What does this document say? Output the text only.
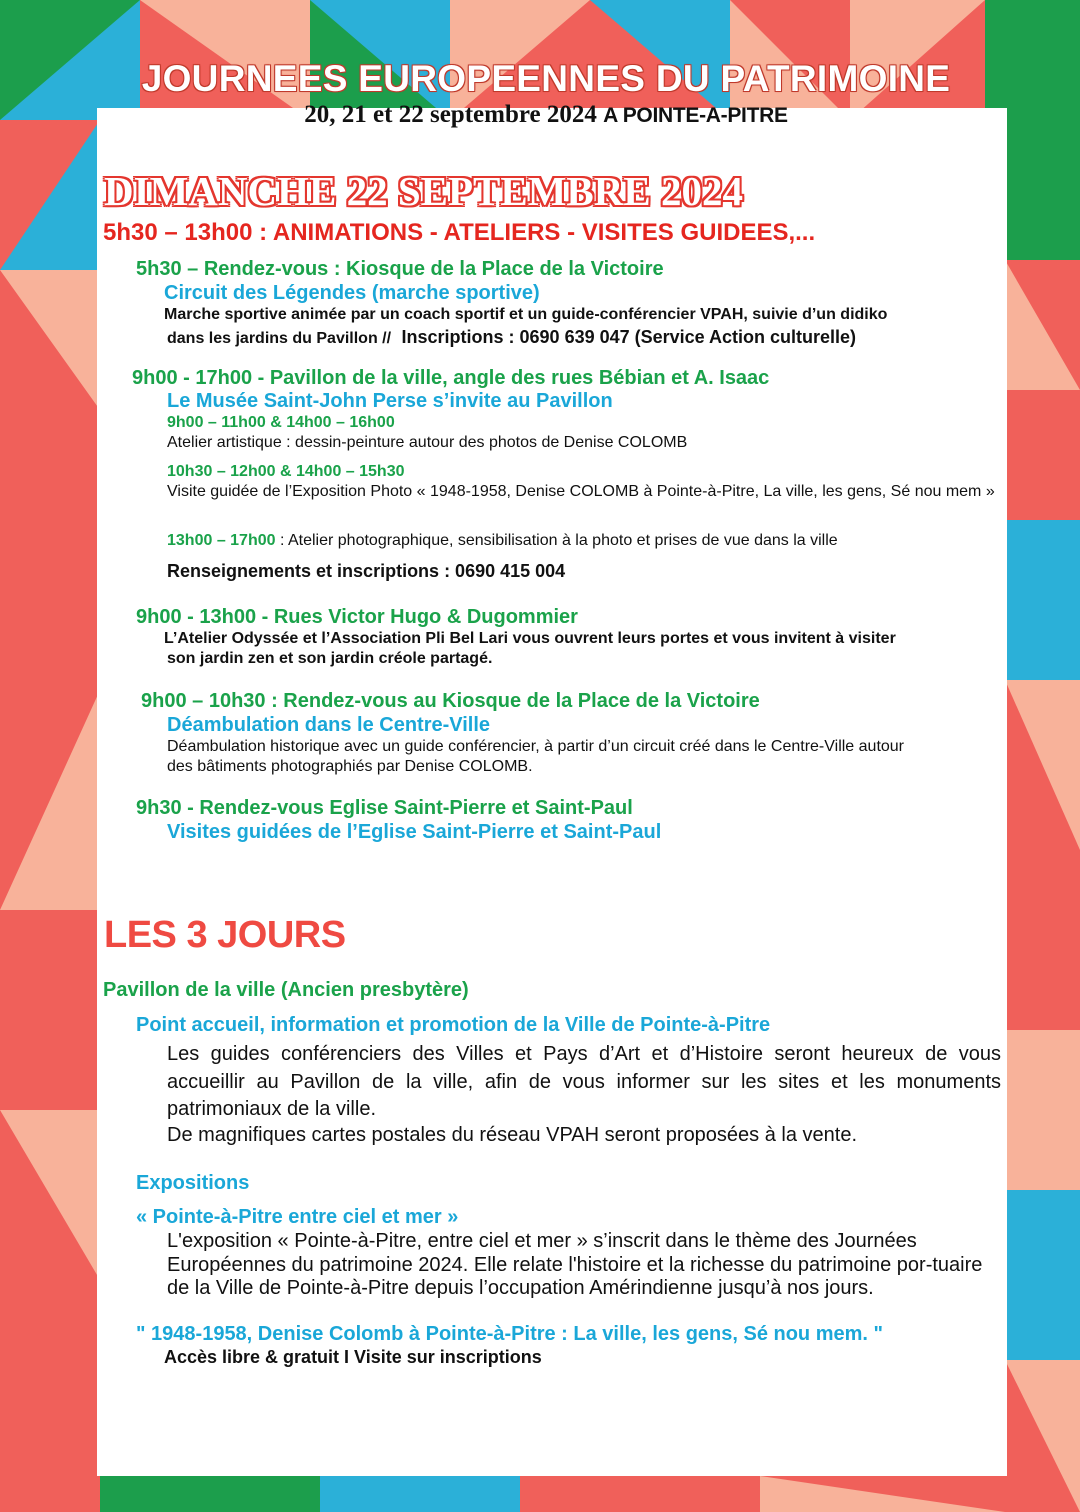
JOURNEES EUROPEENNES DU PATRIMOINE
20, 21 et 22 septembre 2024 A POINTE-A-PITRE
DIMANCHE 22 SEPTEMBRE 2024
5h30 – 13h00 : ANIMATIONS - ATELIERS - VISITES GUIDEES,...
5h30 – Rendez-vous : Kiosque de la Place de la Victoire
Circuit des Légendes (marche sportive)
Marche sportive animée par un coach sportif et un guide-conférencier VPAH, suivie d’un didiko
dans les jardins du Pavillon // Inscriptions : 0690 639 047 (Service Action culturelle)
9h00 - 17h00 - Pavillon de la ville, angle des rues Bébian et A. Isaac
Le Musée Saint-John Perse s’invite au Pavillon
9h00 – 11h00 & 14h00 – 16h00
Atelier artistique : dessin-peinture autour des photos de Denise COLOMB
10h30 – 12h00 & 14h00 – 15h30
Visite guidée de l’Exposition Photo « 1948-1958, Denise COLOMB à Pointe-à-Pitre, La ville, les gens, Sé nou mem »
13h00 – 17h00 : Atelier photographique, sensibilisation à la photo et prises de vue dans la ville
Renseignements et inscriptions : 0690 415 004
9h00 - 13h00 - Rues Victor Hugo & Dugommier
L’Atelier Odyssée et l’Association Pli Bel Lari vous ouvrent leurs portes et vous invitent à visiter
son jardin zen et son jardin créole partagé.
9h00 – 10h30 : Rendez-vous au Kiosque de la Place de la Victoire
Déambulation dans le Centre-Ville
Déambulation historique avec un guide conférencier, à partir d’un circuit créé dans le Centre-Ville autour
des bâtiments photographiés par Denise COLOMB.
9h30 - Rendez-vous Eglise Saint-Pierre et Saint-Paul
Visites guidées de l’Eglise Saint-Pierre et Saint-Paul
LES 3 JOURS
Pavillon de la ville (Ancien presbytère)
Point accueil, information et promotion de la Ville de Pointe-à-Pitre
Les guides conférenciers des Villes et Pays d’Art et d’Histoire seront heureux de vous accueillir au Pavillon de la ville, afin de vous informer sur les sites et les monuments patrimoniaux de la ville.
De magnifiques cartes postales du réseau VPAH seront proposées à la vente.
Expositions
« Pointe-à-Pitre entre ciel et mer »
L'exposition « Pointe-à-Pitre, entre ciel et mer » s’inscrit dans le thème des Journées Européennes du patrimoine 2024. Elle relate l'histoire et la richesse du patrimoine por-tuaire de la Ville de Pointe-à-Pitre depuis l’occupation Amérindienne jusqu’à nos jours.
" 1948-1958, Denise Colomb à Pointe-à-Pitre : La ville, les gens, Sé nou mem. "
Accès libre & gratuit I Visite sur inscriptions
